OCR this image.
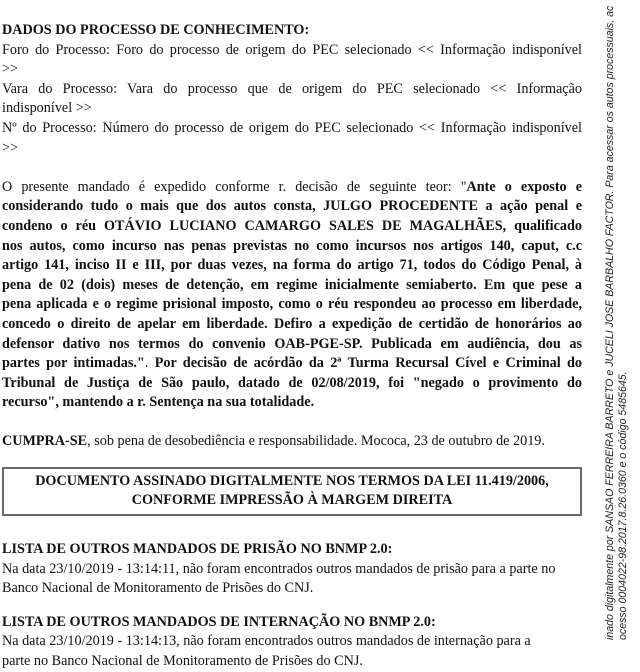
DADOS DO PROCESSO DE CONHECIMENTO:
Foro do Processo: Foro do processo de origem do PEC selecionado << Informação indisponível
>>
Vara do Processo: Vara do processo que de origem do PEC selecionado << Informação
indisponível >>
Nº do Processo: Número do processo de origem do PEC selecionado << Informação indisponível
>>
O presente mandado é expedido conforme r. decisão de seguinte teor: "Ante o exposto e
considerando tudo o mais que dos autos consta, JULGO PROCEDENTE a ação penal e
condeno o réu OTÁVIO LUCIANO CAMARGO SALES DE MAGALHÃES, qualificado
nos autos, como incurso nas penas previstas no como incursos nos artigos 140, caput, c.c
artigo 141, inciso II e III, por duas vezes, na forma do artigo 71, todos do Código Penal, à
pena de 02 (dois) meses de detenção, em regime inicialmente semiaberto. Em que pese a
pena aplicada e o regime prisional imposto, como o réu respondeu ao processo em liberdade,
concedo o direito de apelar em liberdade. Defiro a expedição de certidão de honorários ao
defensor dativo nos termos do convenio OAB-PGE-SP. Publicada em audiência, dou as
partes por intimadas.". Por decisão de acórdão da 2ª Turma Recursal Cível e Criminal do
Tribunal de Justiça de São paulo, datado de 02/08/2019, foi "negado o provimento do
recurso", mantendo a r. Sentença na sua totalidade.
CUMPRA-SE, sob pena de desobediência e responsabilidade. Mococa, 23 de outubro de 2019.
DOCUMENTO ASSINADO DIGITALMENTE NOS TERMOS DA LEI 11.419/2006,
CONFORME IMPRESSÃO À MARGEM DIREITA
LISTA DE OUTROS MANDADOS DE PRISÃO NO BNMP 2.0:
Na data 23/10/2019 - 13:14:11, não foram encontrados outros mandados de prisão para a parte no
Banco Nacional de Monitoramento de Prisões do CNJ.
LISTA DE OUTROS MANDADOS DE INTERNAÇÃO NO BNMP 2.0:
Na data 23/10/2019 - 13:14:13, não foram encontrados outros mandados de internação para a
parte no Banco Nacional de Monitoramento de Prisões do CNJ.
inado digitalmente por SANSAO FERREIRA BARRETO e JUCELI JOSE BARBALHO FACTOR. Para acessar os autos processuais, ac ocesso 0004022-98.2017.8.26.0360 e o código 5485645.
